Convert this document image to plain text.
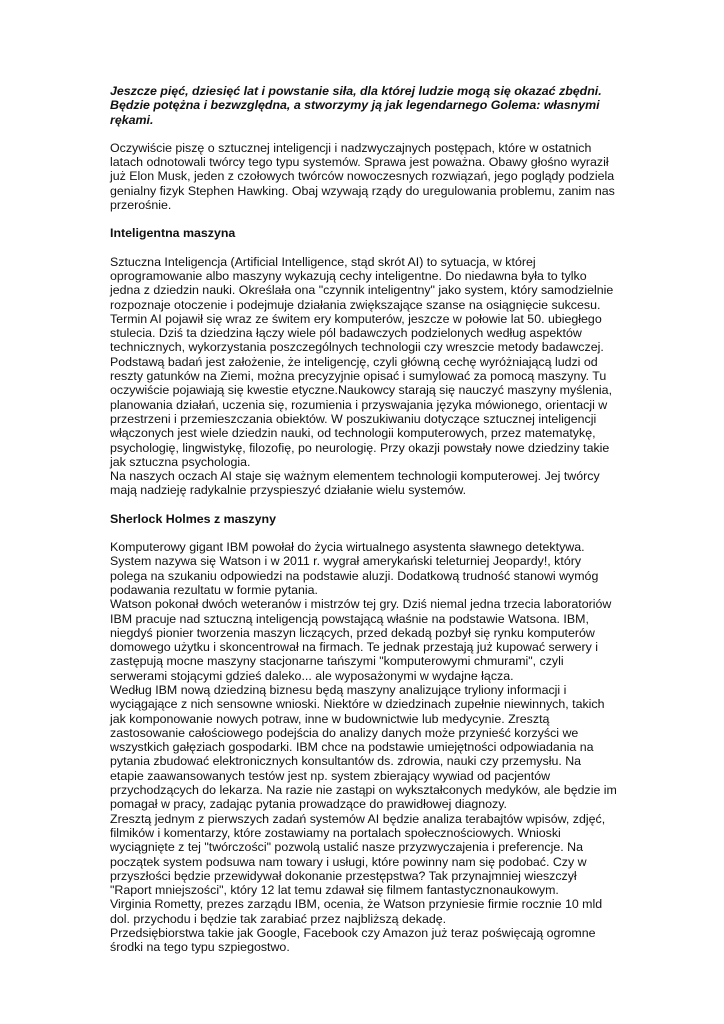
Jeszcze pięć, dziesięć lat i powstanie siła, dla której ludzie mogą się okazać zbędni. Będzie potężna i bezwzględna, a stworzymy ją jak legendarnego Golema: własnymi rękami.

Oczywiście piszę o sztucznej inteligencji i nadzwyczajnych postępach, które w ostatnich latach odnotowali twórcy tego typu systemów. Sprawa jest poważna. Obawy głośno wyraził już Elon Musk, jeden z czołowych twórców nowoczesnych rozwiązań, jego poglądy podziela genialny fizyk Stephen Hawking. Obaj wzywają rządy do uregulowania problemu, zanim nas przerośnie.

Inteligentna maszyna

Sztuczna Inteligencja (Artificial Intelligence, stąd skrót AI) to sytuacja, w której oprogramowanie albo maszyny wykazują cechy inteligentne. Do niedawna była to tylko jedna z dziedzin nauki. Określała ona "czynnik inteligentny" jako system, który samodzielnie rozpoznaje otoczenie i podejmuje działania zwiększające szanse na osiągnięcie sukcesu. Termin AI pojawił się wraz ze świtem ery komputerów, jeszcze w połowie lat 50. ubiegłego stulecia. Dziś ta dziedzina łączy wiele pól badawczych podzielonych według aspektów technicznych, wykorzystania poszczególnych technologii czy wreszcie metody badawczej. Podstawą badań jest założenie, że inteligencję, czyli główną cechę wyróżniającą ludzi od reszty gatunków na Ziemi, można precyzyjnie opisać i sumylować za pomocą maszyny. Tu oczywiście pojawiają się kwestie etyczne.Naukowcy starają się nauczyć maszyny myślenia, planowania działań, uczenia się, rozumienia i przyswajania języka mówionego, orientacji w przestrzeni i przemieszczania obiektów. W poszukiwaniu dotyczące sztucznej inteligencji włączonych jest wiele dziedzin nauki, od technologii komputerowych, przez matematykę, psychologię, lingwistykę, filozofię, po neurologię. Przy okazji powstały nowe dziedziny takie jak sztuczna psychologia.
Na naszych oczach AI staje się ważnym elementem technologii komputerowej. Jej twórcy mają nadzieję radykalnie przyspieszyć działanie wielu systemów.

Sherlock Holmes z maszyny

Komputerowy gigant IBM powołał do życia wirtualnego asystenta sławnego detektywa. System nazywa się Watson i w 2011 r. wygrał amerykański teleturniej Jeopardy!, który polega na szukaniu odpowiedzi na podstawie aluzji. Dodatkową trudność stanowi wymóg podawania rezultatu w formie pytania.
Watson pokonał dwóch weteranów i mistrzów tej gry. Dziś niemal jedna trzecia laboratoriów IBM pracuje nad sztuczną inteligencją powstającą właśnie na podstawie Watsona. IBM, niegdyś pionier tworzenia maszyn liczących, przed dekadą pozbył się rynku komputerów domowego użytku i skoncentrował na firmach. Te jednak przestają już kupować serwery i zastępują mocne maszyny stacjonarne tańszymi "komputerowymi chmurami", czyli serwerami stojącymi gdzieś daleko... ale wyposażonymi w wydajne łącza.
Według IBM nową dziedziną biznesu będą maszyny analizujące tryliony informacji i wyciągające z nich sensowne wnioski. Niektóre w dziedzinach zupełnie niewinnych, takich jak komponowanie nowych potraw, inne w budownictwie lub medycynie. Zresztą zastosowanie całościowego podejścia do analizy danych może przynieść korzyści we wszystkich gałęziach gospodarki. IBM chce na podstawie umiejętności odpowiadania na pytania zbudować elektronicznych konsultantów ds. zdrowia, nauki czy przemysłu. Na etapie zaawansowanych testów jest np. system zbierający wywiad od pacjentów przychodzących do lekarza. Na razie nie zastąpi on wykształconych medyków, ale będzie im pomagał w pracy, zadając pytania prowadzące do prawidłowej diagnozy.
Zresztą jednym z pierwszych zadań systemów AI będzie analiza terabajtów wpisów, zdjęć, filmików i komentarzy, które zostawiamy na portalach społecznościowych. Wnioski wyciągnięte z tej "twórczości" pozwolą ustalić nasze przyzwyczajenia i preferencje. Na początek system podsuwa nam towary i usługi, które powinny nam się podobać. Czy w przyszłości będzie przewidywał dokonanie przestępstwa? Tak przynajmniej wieszczył "Raport mniejszości", który 12 lat temu zdawał się filmem fantastycznonaukowym.
Virginia Rometty, prezes zarządu IBM, ocenia, że Watson przyniesie firmie rocznie 10 mld dol. przychodu i będzie tak zarabiać przez najbliższą dekadę.
Przedsiębiorstwa takie jak Google, Facebook czy Amazon już teraz poświęcają ogromne środki na tego typu szpiegostwo.
